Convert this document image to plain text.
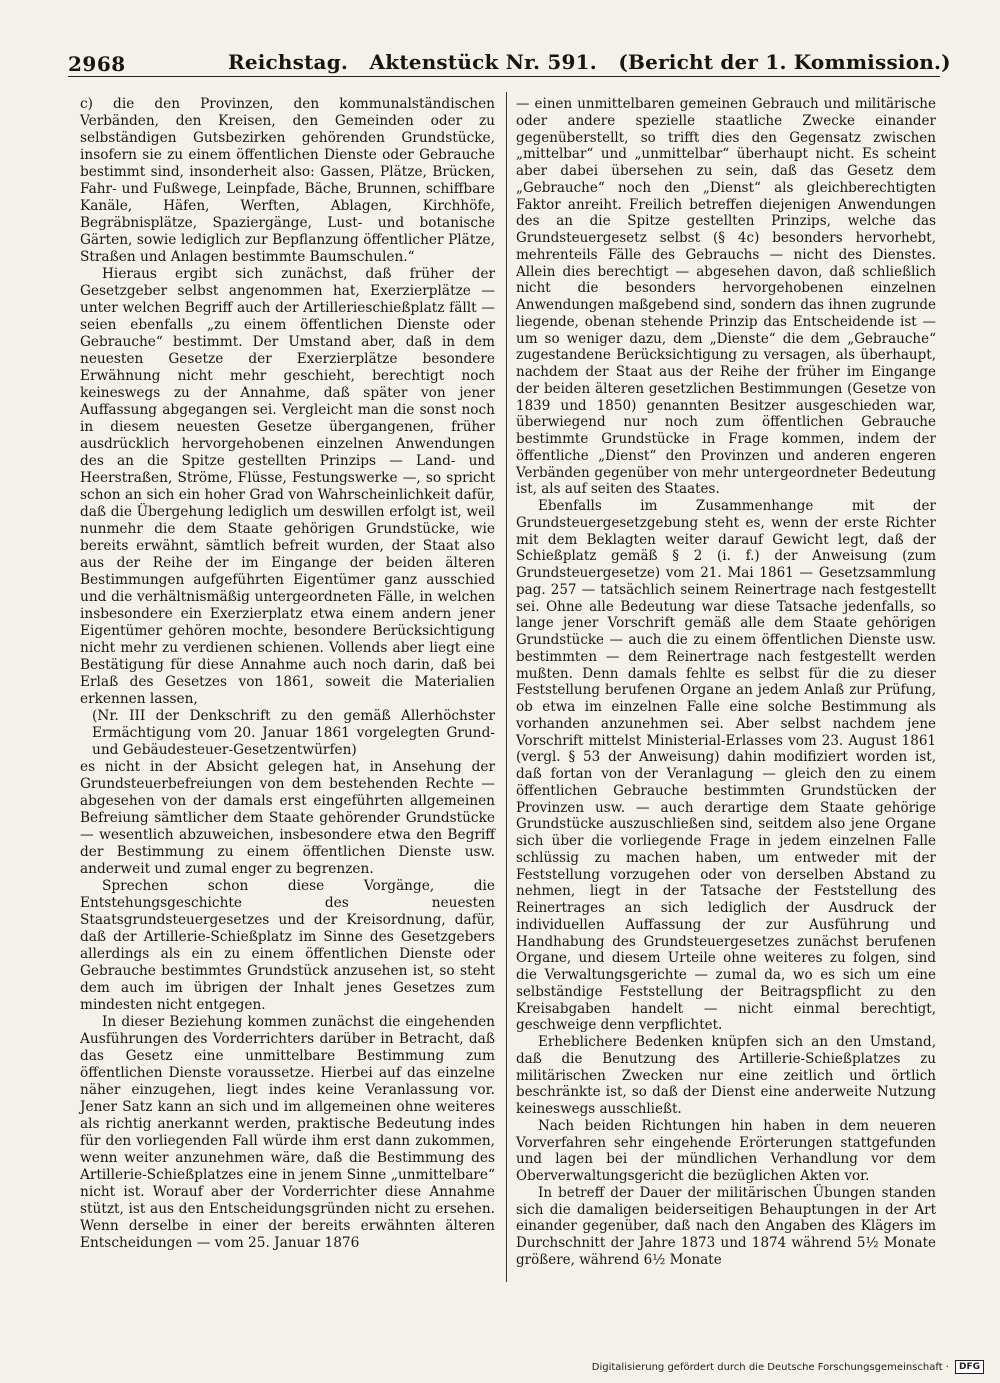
2968	Reichstag.   Aktenstück Nr. 591.   (Bericht der 1. Kommission.)

c) die den Provinzen, den kommunalständischen Verbänden, den Kreisen, den Gemeinden oder zu selbständigen Gutsbezirken gehörenden Grundstücke, insofern sie zu einem öffentlichen Dienste oder Gebrauche bestimmt sind, insonderheit also: Gassen, Plätze, Brücken, Fahr- und Fußwege, Leinpfade, Bäche, Brunnen, schiffbare Kanäle, Häfen, Werften, Ablagen, Kirchhöfe, Begräbnisplätze, Spaziergänge, Lust- und botanische Gärten, sowie lediglich zur Bepflanzung öffentlicher Plätze, Straßen und Anlagen bestimmte Baumschulen.“

Hieraus ergibt sich zunächst, daß früher der Gesetzgeber selbst angenommen hat, Exerzierplätze — unter welchen Begriff auch der Artillerieschießplatz fällt — seien ebenfalls „zu einem öffentlichen Dienste oder Gebrauche“ bestimmt. Der Umstand aber, daß in dem neuesten Gesetze der Exerzierplätze besondere Erwähnung nicht mehr geschieht, berechtigt noch keineswegs zu der Annahme, daß später von jener Auffassung abgegangen sei. Vergleicht man die sonst noch in diesem neuesten Gesetze übergangenen, früher ausdrücklich hervorgehobenen einzelnen Anwendungen des an die Spitze gestellten Prinzips — Land- und Heerstraßen, Ströme, Flüsse, Festungswerke —, so spricht schon an sich ein hoher Grad von Wahrscheinlichkeit dafür, daß die Übergehung lediglich um deswillen erfolgt ist, weil nunmehr die dem Staate gehörigen Grundstücke, wie bereits erwähnt, sämtlich befreit wurden, der Staat also aus der Reihe der im Eingange der beiden älteren Bestimmungen aufgeführten Eigentümer ganz ausschied und die verhältnismäßig untergeordneten Fälle, in welchen insbesondere ein Exerzierplatz etwa einem andern jener Eigentümer gehören mochte, besondere Berücksichtigung nicht mehr zu verdienen schienen. Vollends aber liegt eine Bestätigung für diese Annahme auch noch darin, daß bei Erlaß des Gesetzes von 1861, soweit die Materialien erkennen lassen,

(Nr. III der Denkschrift zu den gemäß Allerhöchster Ermächtigung vom 20. Januar 1861 vorgelegten Grund- und Gebäudesteuer-Gesetzentwürfen)

es nicht in der Absicht gelegen hat, in Ansehung der Grundsteuerbefreiungen von dem bestehenden Rechte — abgesehen von der damals erst eingeführten allgemeinen Befreiung sämtlicher dem Staate gehörender Grundstücke — wesentlich abzuweichen, insbesondere etwa den Begriff der Bestimmung zu einem öffentlichen Dienste usw. anderweit und zumal enger zu begrenzen.

Sprechen schon diese Vorgänge, die Entstehungsgeschichte des neuesten Staatsgrundsteuergesetzes und der Kreisordnung, dafür, daß der Artillerie-Schießplatz im Sinne des Gesetzgebers allerdings als ein zu einem öffentlichen Dienste oder Gebrauche bestimmtes Grundstück anzusehen ist, so steht dem auch im übrigen der Inhalt jenes Gesetzes zum mindesten nicht entgegen.

In dieser Beziehung kommen zunächst die eingehenden Ausführungen des Vorderrichters darüber in Betracht, daß das Gesetz eine unmittelbare Bestimmung zum öffentlichen Dienste voraussetze. Hierbei auf das einzelne näher einzugehen, liegt indes keine Veranlassung vor. Jener Satz kann an sich und im allgemeinen ohne weiteres als richtig anerkannt werden, praktische Bedeutung indes für den vorliegenden Fall würde ihm erst dann zukommen, wenn weiter anzunehmen wäre, daß die Bestimmung des Artillerie-Schießplatzes eine in jenem Sinne „unmittelbare“ nicht ist. Worauf aber der Vorderrichter diese Annahme stützt, ist aus den Entscheidungsgründen nicht zu ersehen. Wenn derselbe in einer der bereits erwähnten älteren Entscheidungen — vom 25. Januar 1876

— einen unmittelbaren gemeinen Gebrauch und militärische oder andere spezielle staatliche Zwecke einander gegenüberstellt, so trifft dies den Gegensatz zwischen „mittelbar“ und „unmittelbar“ überhaupt nicht. Es scheint aber dabei übersehen zu sein, daß das Gesetz dem „Gebrauche“ noch den „Dienst“ als gleichberechtigten Faktor anreiht. Freilich betreffen diejenigen Anwendungen des an die Spitze gestellten Prinzips, welche das Grundsteuergesetz selbst (§ 4c) besonders hervorhebt, mehrenteils Fälle des Gebrauchs — nicht des Dienstes. Allein dies berechtigt — abgesehen davon, daß schließlich nicht die besonders hervorgehobenen einzelnen Anwendungen maßgebend sind, sondern das ihnen zugrunde liegende, obenan stehende Prinzip das Entscheidende ist — um so weniger dazu, dem „Dienste“ die dem „Gebrauche“ zugestandene Berücksichtigung zu versagen, als überhaupt, nachdem der Staat aus der Reihe der früher im Eingange der beiden älteren gesetzlichen Bestimmungen (Gesetze von 1839 und 1850) genannten Besitzer ausgeschieden war, überwiegend nur noch zum öffentlichen Gebrauche bestimmte Grundstücke in Frage kommen, indem der öffentliche „Dienst“ den Provinzen und anderen engeren Verbänden gegenüber von mehr untergeordneter Bedeutung ist, als auf seiten des Staates.

Ebenfalls im Zusammenhange mit der Grundsteuergesetzgebung steht es, wenn der erste Richter mit dem Beklagten weiter darauf Gewicht legt, daß der Schießplatz gemäß § 2 (i. f.) der Anweisung (zum Grundsteuergesetze) vom 21. Mai 1861 — Gesetzsammlung pag. 257 — tatsächlich seinem Reinertrage nach festgestellt sei. Ohne alle Bedeutung war diese Tatsache jedenfalls, so lange jener Vorschrift gemäß alle dem Staate gehörigen Grundstücke — auch die zu einem öffentlichen Dienste usw. bestimmten — dem Reinertrage nach festgestellt werden mußten. Denn damals fehlte es selbst für die zu dieser Feststellung berufenen Organe an jedem Anlaß zur Prüfung, ob etwa im einzelnen Falle eine solche Bestimmung als vorhanden anzunehmen sei. Aber selbst nachdem jene Vorschrift mittelst Ministerial-Erlasses vom 23. August 1861 (vergl. § 53 der Anweisung) dahin modifiziert worden ist, daß fortan von der Veranlagung — gleich den zu einem öffentlichen Gebrauche bestimmten Grundstücken der Provinzen usw. — auch derartige dem Staate gehörige Grundstücke auszuschließen sind, seitdem also jene Organe sich über die vorliegende Frage in jedem einzelnen Falle schlüssig zu machen haben, um entweder mit der Feststellung vorzugehen oder von derselben Abstand zu nehmen, liegt in der Tatsache der Feststellung des Reinertrages an sich lediglich der Ausdruck der individuellen Auffassung der zur Ausführung und Handhabung des Grundsteuergesetzes zunächst berufenen Organe, und diesem Urteile ohne weiteres zu folgen, sind die Verwaltungsgerichte — zumal da, wo es sich um eine selbständige Feststellung der Beitragspflicht zu den Kreisabgaben handelt — nicht einmal berechtigt, geschweige denn verpflichtet.

Erheblichere Bedenken knüpfen sich an den Umstand, daß die Benutzung des Artillerie-Schießplatzes zu militärischen Zwecken nur eine zeitlich und örtlich beschränkte ist, so daß der Dienst eine anderweite Nutzung keineswegs ausschließt.

Nach beiden Richtungen hin haben in dem neueren Vorverfahren sehr eingehende Erörterungen stattgefunden und lagen bei der mündlichen Verhandlung vor dem Oberverwaltungsgericht die bezüglichen Akten vor.

In betreff der Dauer der militärischen Übungen standen sich die damaligen beiderseitigen Behauptungen in der Art einander gegenüber, daß nach den Angaben des Klägers im Durchschnitt der Jahre 1873 und 1874 während 5½ Monate größere, während 6½ Monate

Digitalisierung gefördert durch die Deutsche Forschungsgemeinschaft ·	DFG
